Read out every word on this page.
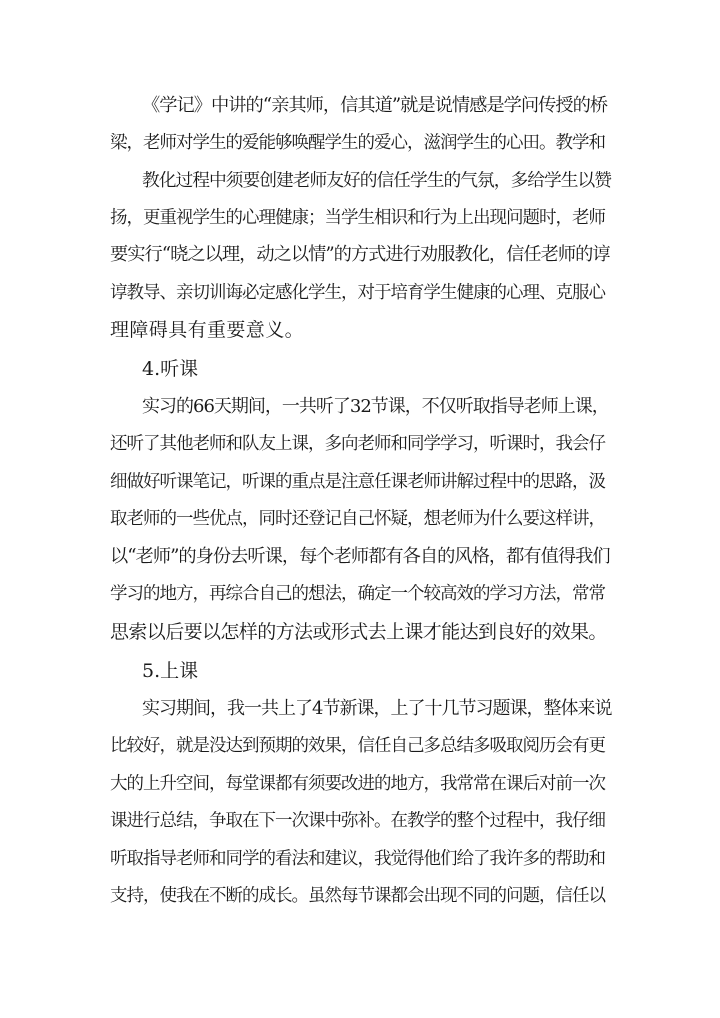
《学记》中讲的“亲其师，信其道”就是说情感是学问传授的桥
梁，老师对学生的爱能够唤醒学生的爱心，滋润学生的心田。教学和
教化过程中须要创建老师友好的信任学生的气氛，多给学生以赞
扬，更重视学生的心理健康；当学生相识和行为上出现问题时，老师
要实行“晓之以理，动之以情”的方式进行劝服教化，信任老师的谆
谆教导、亲切训诲必定感化学生，对于培育学生健康的心理、克服心
理障碍具有重要意义。
4.听课
实习的66天期间，一共听了32节课，不仅听取指导老师上课，
还听了其他老师和队友上课，多向老师和同学学习，听课时，我会仔
细做好听课笔记，听课的重点是注意任课老师讲解过程中的思路，汲
取老师的一些优点，同时还登记自己怀疑，想老师为什么要这样讲，
以“老师”的身份去听课，每个老师都有各自的风格，都有值得我们
学习的地方，再综合自己的想法，确定一个较高效的学习方法，常常
思索以后要以怎样的方法或形式去上课才能达到良好的效果。
5.上课
实习期间，我一共上了4节新课，上了十几节习题课，整体来说
比较好，就是没达到预期的效果，信任自己多总结多吸取阅历会有更
大的上升空间，每堂课都有须要改进的地方，我常常在课后对前一次
课进行总结，争取在下一次课中弥补。在教学的整个过程中，我仔细
听取指导老师和同学的看法和建议，我觉得他们给了我许多的帮助和
支持，使我在不断的成长。虽然每节课都会出现不同的问题，信任以
